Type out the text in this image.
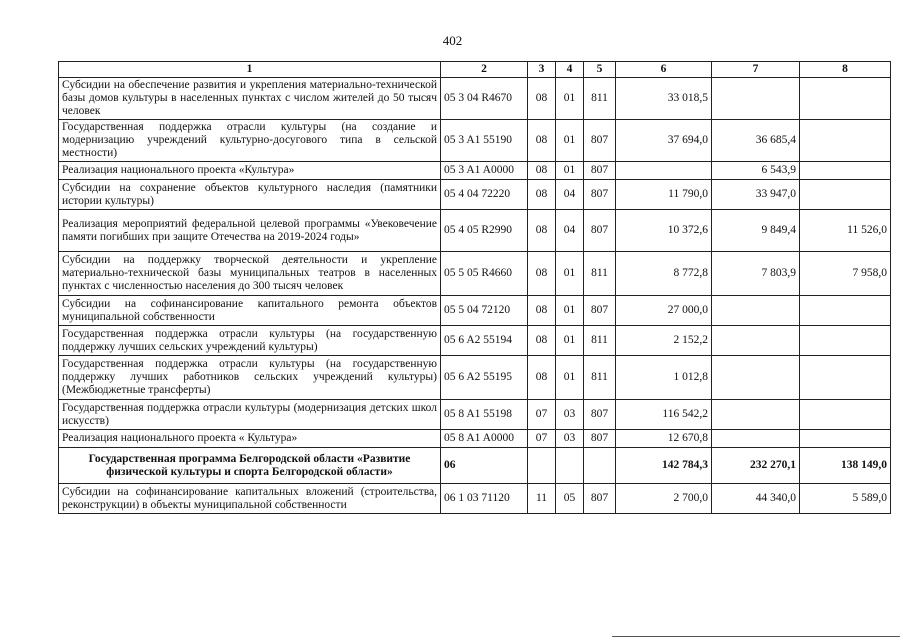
402
1	2	3	4	5	6	7	8
Субсидии на обеспечение развития и укрепления материально-технической базы домов культуры в населенных пунктах с числом жителей до 50 тысяч человек	05 3 04 R4670	08	01	811	33 018,5		
Государственная поддержка отрасли культуры (на создание и модернизацию учреждений культурно-досугового типа в сельской местности)	05 3 A1 55190	08	01	807	37 694,0	36 685,4	
Реализация национального проекта «Культура»	05 3 A1 A0000	08	01	807		6 543,9	
Субсидии на сохранение объектов культурного наследия (памятники истории культуры)	05 4 04 72220	08	04	807	11 790,0	33 947,0	
Реализация мероприятий федеральной целевой программы «Увековечение памяти погибших при защите Отечества на 2019-2024 годы»	05 4 05 R2990	08	04	807	10 372,6	9 849,4	11 526,0
Субсидии на поддержку творческой деятельности и укрепление материально-технической базы муниципальных театров в населенных пунктах с численностью населения до 300 тысяч человек	05 5 05 R4660	08	01	811	8 772,8	7 803,9	7 958,0
Субсидии на софинансирование капитального ремонта объектов муниципальной собственности	05 5 04 72120	08	01	807	27 000,0		
Государственная поддержка отрасли культуры (на государственную поддержку лучших сельских учреждений культуры)	05 6 A2 55194	08	01	811	2 152,2		
Государственная поддержка отрасли культуры (на государственную поддержку лучших работников сельских учреждений культуры) (Межбюджетные трансферты)	05 6 A2 55195	08	01	811	1 012,8		
Государственная поддержка отрасли культуры (модернизация детских школ искусств)	05 8 A1 55198	07	03	807	116 542,2		
Реализация национального проекта « Культура»	05 8 A1 A0000	07	03	807	12 670,8		
Государственная программа Белгородской области «Развитие физической культуры и спорта Белгородской области»	06				142 784,3	232 270,1	138 149,0
Субсидии на софинансирование капитальных вложений (строительства, реконструкции) в объекты муниципальной собственности	06 1 03 71120	11	05	807	2 700,0	44 340,0	5 589,0
